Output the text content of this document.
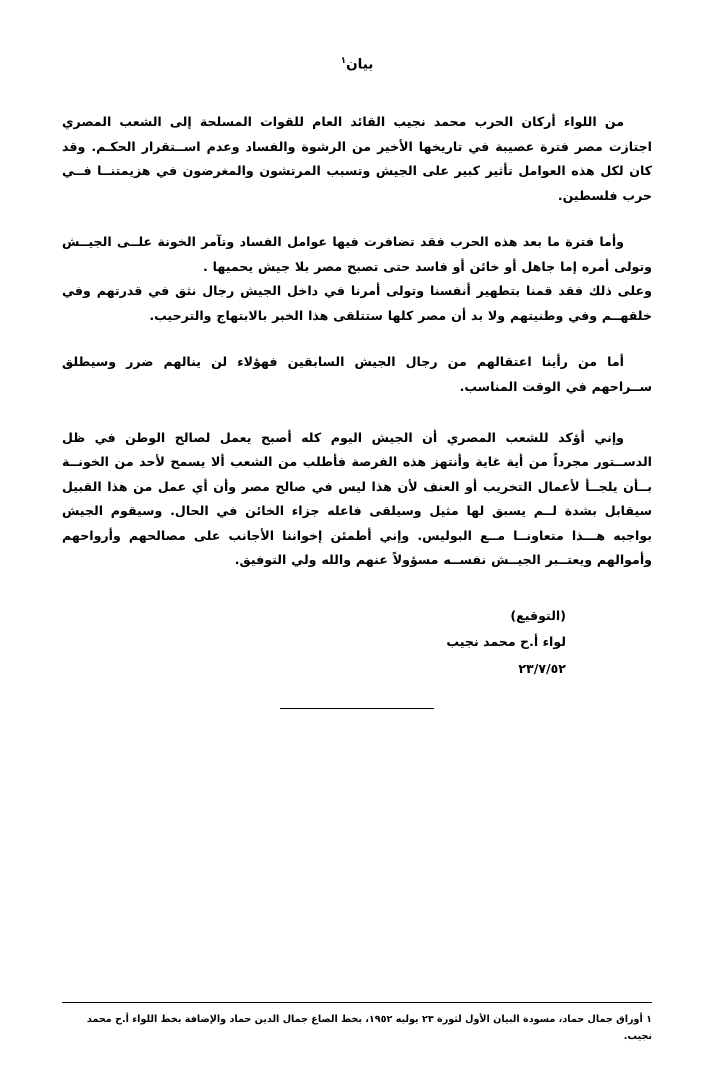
بيان$^١$

من اللواء أركان الحرب محمد نجيب القائد العام للقوات المسلحة إلى الشعب المصري اجتازت مصر فترة عصيبة في تاريخها الأخير من الرشوة والفساد وعدم اســتقرار الحكـم. وقد كان لكل هذه العوامل تأثير كبير على الجيش وتسبب المرتشون والمغرضون في هزيمتنــا فــي حرب فلسطين.

وأما فترة ما بعد هذه الحرب فقد تضافرت فيها عوامل الفساد وتآمر الخونة علــى الجيــش وتولى أمره إما جاهل أو خائن أو فاسد حتى تصبح مصر بلا جيش يحميها .

وعلى ذلك فقد قمنا بتطهير أنفسنا وتولى أمرنا في داخل الجيش رجال نثق في قدرتهم وفي خلقهــم وفي وطنيتهم ولا بد أن مصر كلها ستتلقى هذا الخبر بالابتهاج والترحيب.

أما من رأينا اعتقالهم من رجال الجيش السابقين فهؤلاء لن ينالهم ضرر وسيطلق ســراحهم في الوقت المناسب.

وإني أؤكد للشعب المصري أن الجيش اليوم كله أصبح يعمل لصالح الوطن في ظل الدســتور مجرداً من أية غاية وأنتهز هذه الفرصة فأطلب من الشعب ألا يسمح لأحد من الخونــة بــأن يلجــأ لأعمال التخريب أو العنف لأن هذا ليس في صالح مصر وأن أي عمل من هذا القبيل سيقابل بشدة لــم يسبق لها مثيل وسيلقى فاعله جزاء الخائن في الحال. وسيقوم الجيش بواجبه هـــذا متعاونــا مــع البوليس. وإني أطمئن إخواننا الأجانب على مصالحهم وأرواحهم وأموالهم ويعتــبر الجيــش نفســه مسؤولاً عنهم والله ولي التوفيق.

(التوقيع)
لواء أ.ح محمد نجيب
٢٣/٧/٥٢
١ أوراق جمال حماد، مسودة البيان الأول لثورة ٢٣ يوليه ١٩٥٢، بخط الصاغ جمال الدين حماد والإضافة بخط اللواء أ.ح محمد نجيب.
